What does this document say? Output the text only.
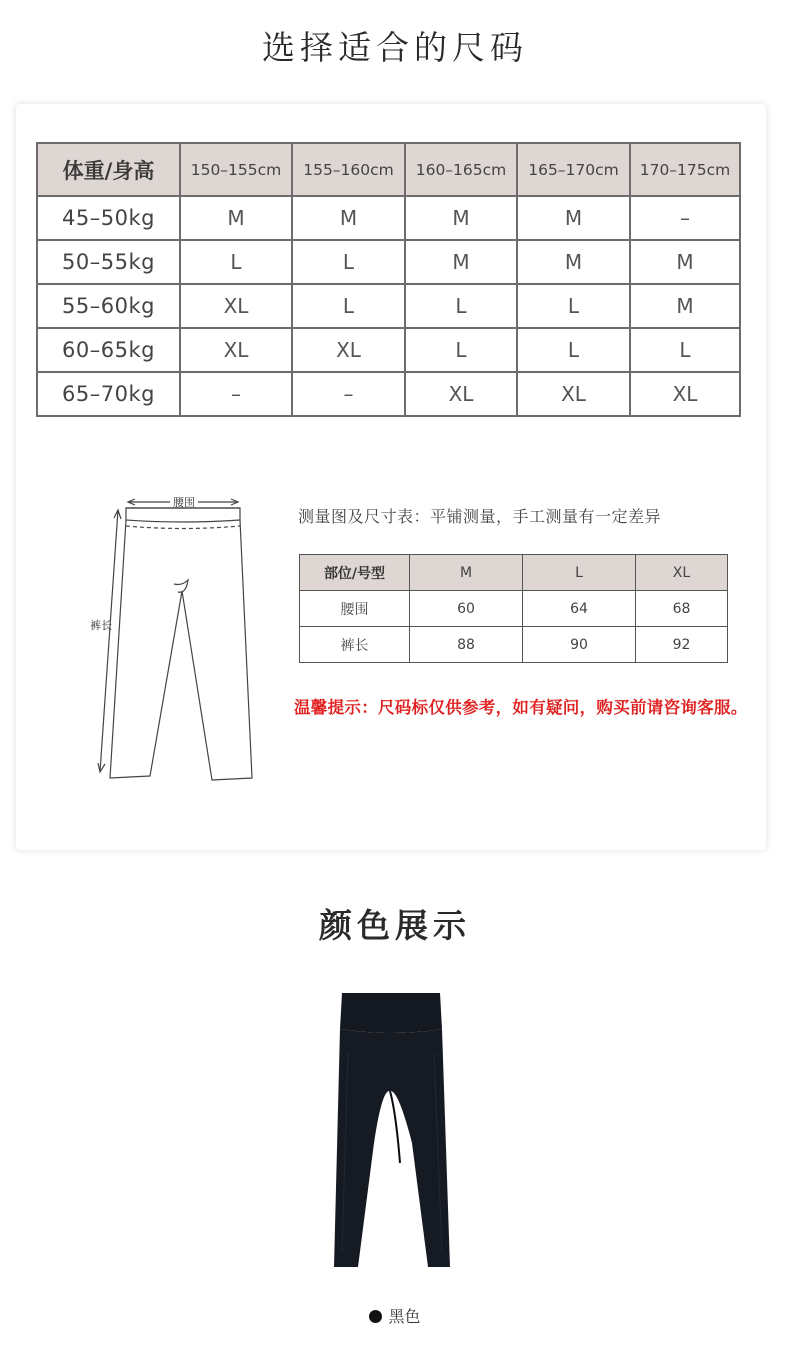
选择适合的尺码
体重/身高	150–155cm	155–160cm	160–165cm	165–170cm	170–175cm
45–50kg	M	M	M	M	–
50–55kg	L	L	M	M	M
55–60kg	XL	L	L	L	M
60–65kg	XL	XL	L	L	L
65–70kg	–	–	XL	XL	XL
腰围
裤长
测量图及尺寸表：平铺测量，手工测量有一定差异
部位/号型	M	L	XL
腰围	60	64	68
裤长	88	90	92
温馨提示：尺码标仅供参考，如有疑问，购买前请咨询客服。
颜色展示
黑色
